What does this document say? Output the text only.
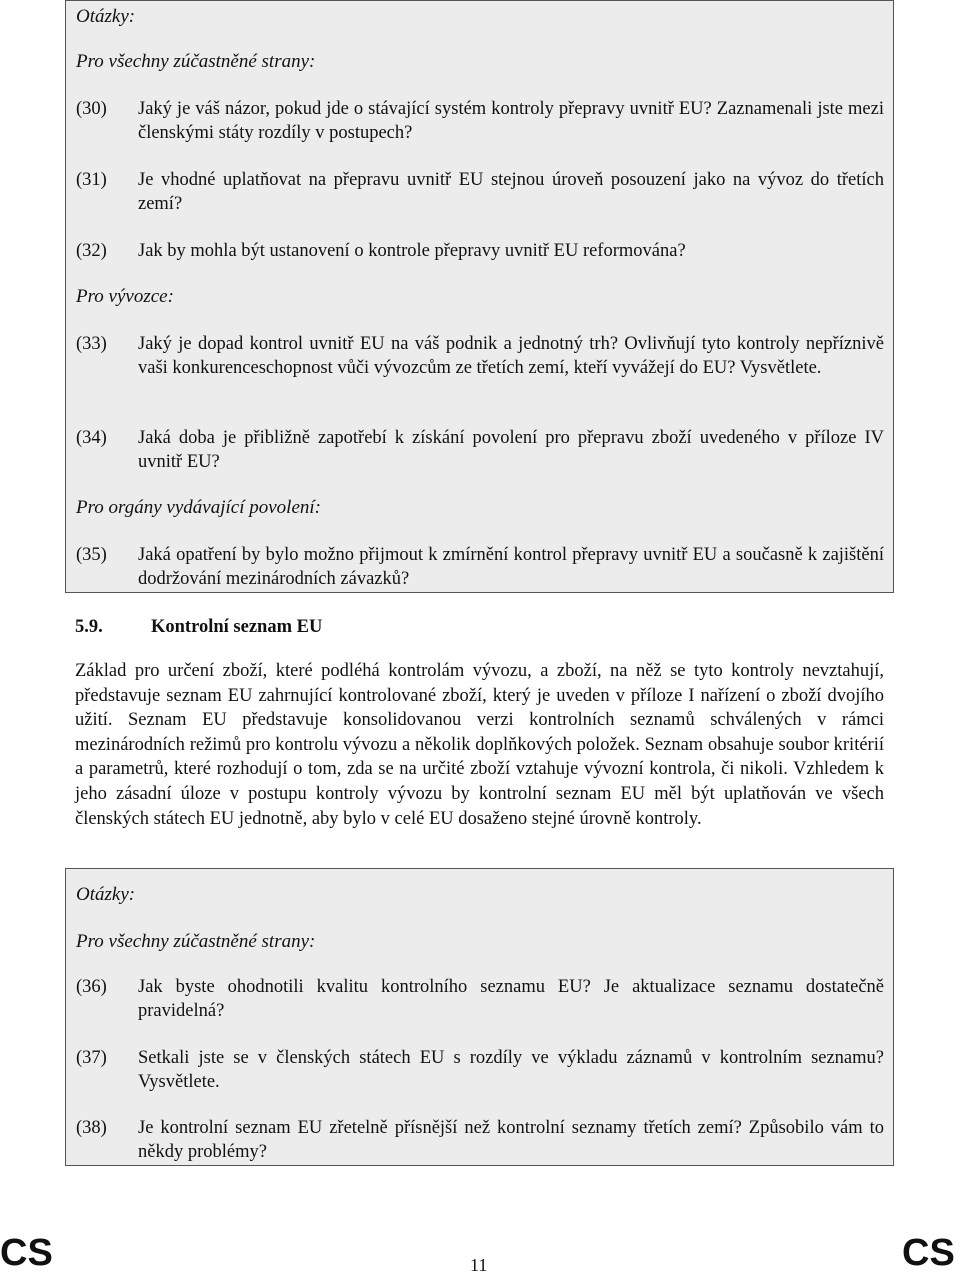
Otázky:
Pro všechny zúčastněné strany:
(30) Jaký je váš názor, pokud jde o stávající systém kontroly přepravy uvnitř EU? Zaznamenali jste mezi členskými státy rozdíly v postupech?
(31) Je vhodné uplatňovat na přepravu uvnitř EU stejnou úroveň posouzení jako na vývoz do třetích zemí?
(32) Jak by mohla být ustanovení o kontrole přepravy uvnitř EU reformována?
Pro vývozce:
(33) Jaký je dopad kontrol uvnitř EU na váš podnik a jednotný trh? Ovlivňují tyto kontroly nepříznivě vaši konkurenceschopnost vůči vývozcům ze třetích zemí, kteří vyvážejí do EU? Vysvětlete.
(34) Jaká doba je přibližně zapotřebí k získání povolení pro přepravu zboží uvedeného v příloze IV uvnitř EU?
Pro orgány vydávající povolení:
(35) Jaká opatření by bylo možno přijmout k zmírnění kontrol přepravy uvnitř EU a současně k zajištění dodržování mezinárodních závazků?
5.9.	Kontrolní seznam EU

Základ pro určení zboží, které podléhá kontrolám vývozu, a zboží, na něž se tyto kontroly nevztahují, představuje seznam EU zahrnující kontrolované zboží, který je uveden v příloze I nařízení o zboží dvojího užití. Seznam EU představuje konsolidovanou verzi kontrolních seznamů schválených v rámci mezinárodních režimů pro kontrolu vývozu a několik doplňkových položek. Seznam obsahuje soubor kritérií a parametrů, které rozhodují o tom, zda se na určité zboží vztahuje vývozní kontrola, či nikoli. Vzhledem k jeho zásadní úloze v postupu kontroly vývozu by kontrolní seznam EU měl být uplatňován ve všech členských státech EU jednotně, aby bylo v celé EU dosaženo stejné úrovně kontroly.

Otázky:
Pro všechny zúčastněné strany:
(36) Jak byste ohodnotili kvalitu kontrolního seznamu EU? Je aktualizace seznamu dostatečně pravidelná?
(37) Setkali jste se v členských státech EU s rozdíly ve výkladu záznamů v kontrolním seznamu? Vysvětlete.
(38) Je kontrolní seznam EU zřetelně přísnější než kontrolní seznamy třetích zemí? Způsobilo vám to někdy problémy?
CS	11	CS
